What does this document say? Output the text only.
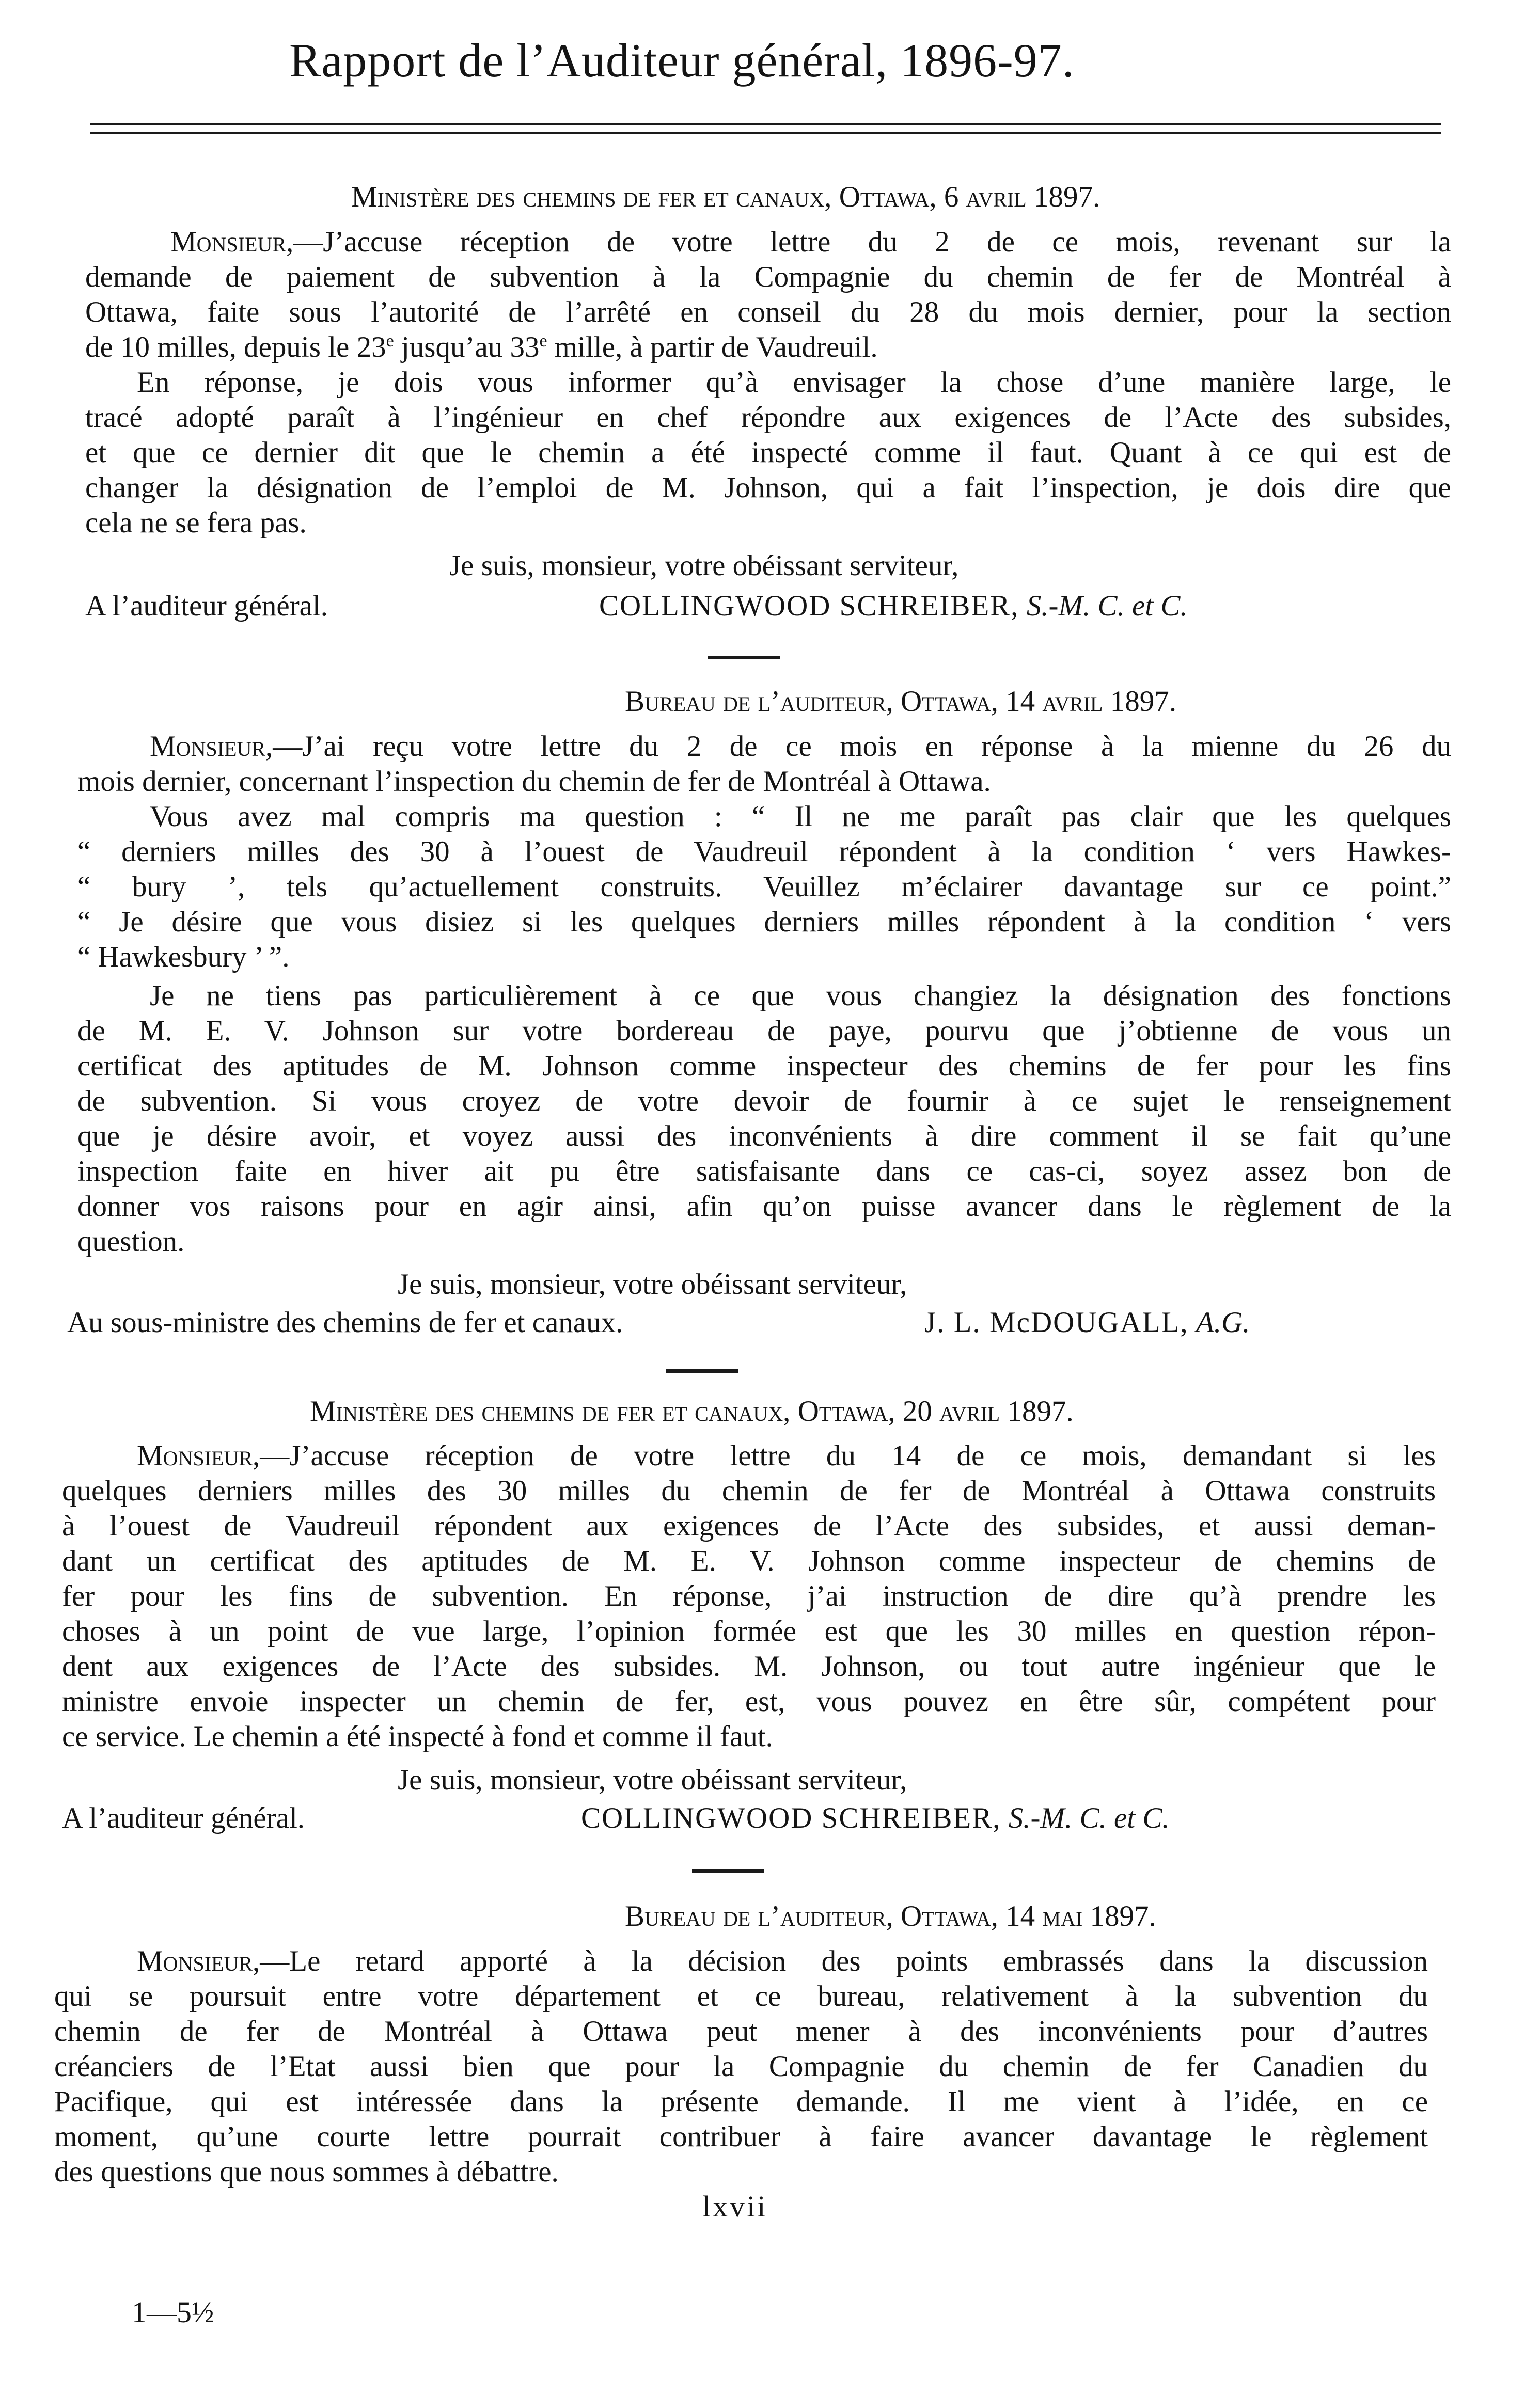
Rapport de l’Auditeur général, 1896-97.
Ministère des chemins de fer et canaux, Ottawa, 6 avril 1897.
Monsieur,—J’accuse réception de votre lettre du 2 de ce mois, revenant sur la
demande de paiement de subvention à la Compagnie du chemin de fer de Montréal à
Ottawa, faite sous l’autorité de l’arrêté en conseil du 28 du mois dernier, pour la section
de 10 milles, depuis le 23e jusqu’au 33e mille, à partir de Vaudreuil.
En réponse, je dois vous informer qu’à envisager la chose d’une manière large, le
tracé adopté paraît à l’ingénieur en chef répondre aux exigences de l’Acte des subsides,
et que ce dernier dit que le chemin a été inspecté comme il faut. Quant à ce qui est de
changer la désignation de l’emploi de M. Johnson, qui a fait l’inspection, je dois dire que
cela ne se fera pas.
Je suis, monsieur, votre obéissant serviteur,
A l’auditeur général.	COLLINGWOOD SCHREIBER, S.-M. C. et C.
Bureau de l’auditeur, Ottawa, 14 avril 1897.
Monsieur,—J’ai reçu votre lettre du 2 de ce mois en réponse à la mienne du 26 du
mois dernier, concernant l’inspection du chemin de fer de Montréal à Ottawa.
Vous avez mal compris ma question : “ Il ne me paraît pas clair que les quelques
“ derniers milles des 30 à l’ouest de Vaudreuil répondent à la condition ‘ vers Hawkes-
“ bury ’, tels qu’actuellement construits. Veuillez m’éclairer davantage sur ce point.”
“ Je désire que vous disiez si les quelques derniers milles répondent à la condition ‘ vers
“ Hawkesbury ’ ”.
Je ne tiens pas particulièrement à ce que vous changiez la désignation des fonctions
de M. E. V. Johnson sur votre bordereau de paye, pourvu que j’obtienne de vous un
certificat des aptitudes de M. Johnson comme inspecteur des chemins de fer pour les fins
de subvention. Si vous croyez de votre devoir de fournir à ce sujet le renseignement
que je désire avoir, et voyez aussi des inconvénients à dire comment il se fait qu’une
inspection faite en hiver ait pu être satisfaisante dans ce cas-ci, soyez assez bon de
donner vos raisons pour en agir ainsi, afin qu’on puisse avancer dans le règlement de la
question.
Je suis, monsieur, votre obéissant serviteur,
Au sous-ministre des chemins de fer et canaux.	J. L. McDOUGALL, A.G.
Ministère des chemins de fer et canaux, Ottawa, 20 avril 1897.
Monsieur,—J’accuse réception de votre lettre du 14 de ce mois, demandant si les
quelques derniers milles des 30 milles du chemin de fer de Montréal à Ottawa construits
à l’ouest de Vaudreuil répondent aux exigences de l’Acte des subsides, et aussi deman-
dant un certificat des aptitudes de M. E. V. Johnson comme inspecteur de chemins de
fer pour les fins de subvention. En réponse, j’ai instruction de dire qu’à prendre les
choses à un point de vue large, l’opinion formée est que les 30 milles en question répon-
dent aux exigences de l’Acte des subsides. M. Johnson, ou tout autre ingénieur que le
ministre envoie inspecter un chemin de fer, est, vous pouvez en être sûr, compétent pour
ce service. Le chemin a été inspecté à fond et comme il faut.
Je suis, monsieur, votre obéissant serviteur,
A l’auditeur général.	COLLINGWOOD SCHREIBER, S.-M. C. et C.
Bureau de l’auditeur, Ottawa, 14 mai 1897.
Monsieur,—Le retard apporté à la décision des points embrassés dans la discussion
qui se poursuit entre votre département et ce bureau, relativement à la subvention du
chemin de fer de Montréal à Ottawa peut mener à des inconvénients pour d’autres
créanciers de l’Etat aussi bien que pour la Compagnie du chemin de fer Canadien du
Pacifique, qui est intéressée dans la présente demande. Il me vient à l’idée, en ce
moment, qu’une courte lettre pourrait contribuer à faire avancer davantage le règlement
des questions que nous sommes à débattre.
lxvii
1—5½
